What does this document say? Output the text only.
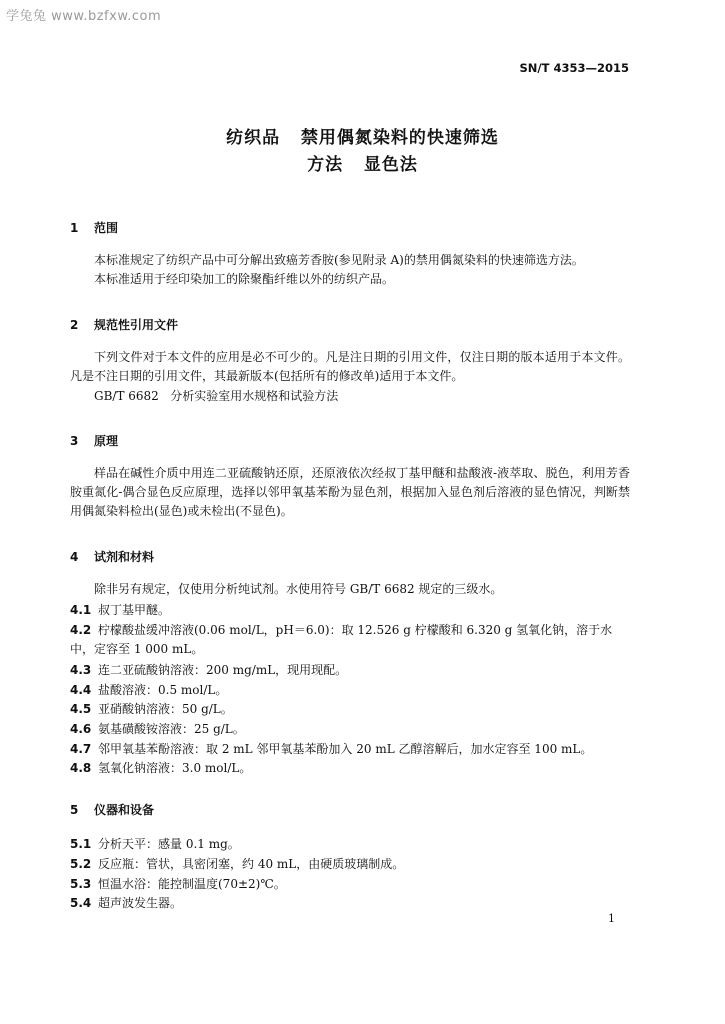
学兔兔 www.bzfxw.com
SN/T 4353—2015
纺织品   禁用偶氮染料的快速筛选
方法   显色法
1 范围
本标准规定了纺织产品中可分解出致癌芳香胺(参见附录 A)的禁用偶氮染料的快速筛选方法。
本标准适用于经印染加工的除聚酯纤维以外的纺织产品。
2 规范性引用文件
下列文件对于本文件的应用是必不可少的。凡是注日期的引用文件，仅注日期的版本适用于本文件。凡是不注日期的引用文件，其最新版本(包括所有的修改单)适用于本文件。
GB/T 6682   分析实验室用水规格和试验方法
3 原理
样品在碱性介质中用连二亚硫酸钠还原，还原液依次经叔丁基甲醚和盐酸液-液萃取、脱色，利用芳香胺重氮化-偶合显色反应原理，选择以邻甲氧基苯酚为显色剂，根据加入显色剂后溶液的显色情况，判断禁用偶氮染料检出(显色)或未检出(不显色)。
4 试剂和材料
除非另有规定，仅使用分析纯试剂。水使用符号 GB/T 6682 规定的三级水。
4.1 叔丁基甲醚。
4.2 柠檬酸盐缓冲溶液(0.06 mol/L，pH＝6.0)：取 12.526 g 柠檬酸和 6.320 g 氢氧化钠，溶于水中，定容至 1 000 mL。
4.3 连二亚硫酸钠溶液：200 mg/mL，现用现配。
4.4 盐酸溶液：0.5 mol/L。
4.5 亚硝酸钠溶液：50 g/L。
4.6 氨基磺酸铵溶液：25 g/L。
4.7 邻甲氧基苯酚溶液：取 2 mL 邻甲氧基苯酚加入 20 mL 乙醇溶解后，加水定容至 100 mL。
4.8 氢氧化钠溶液：3.0 mol/L。
5 仪器和设备
5.1 分析天平：感量 0.1 mg。
5.2 反应瓶：管状，具密闭塞，约 40 mL，由硬质玻璃制成。
5.3 恒温水浴：能控制温度(70±2)℃。
5.4 超声波发生器。
1
